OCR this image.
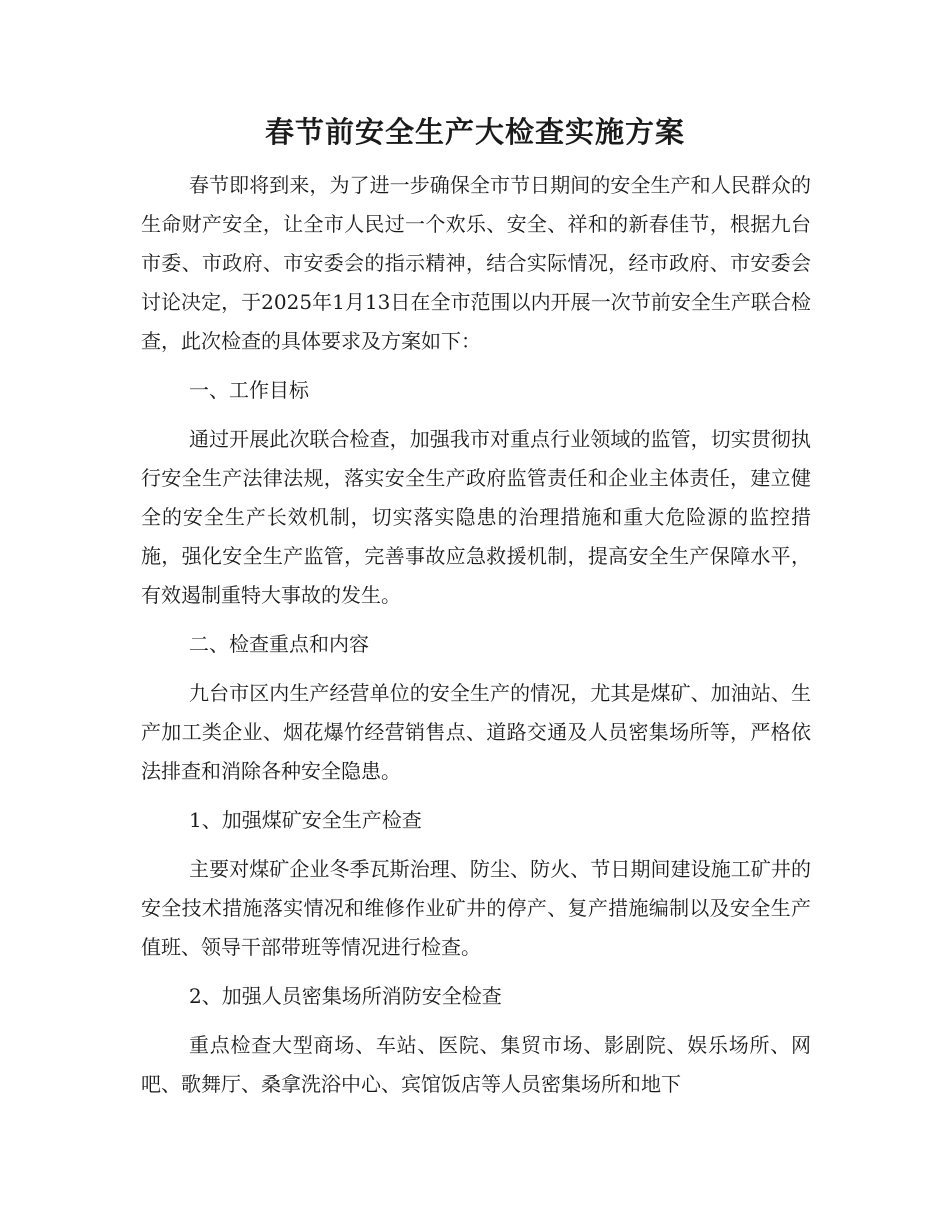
春节前安全生产大检查实施方案

春节即将到来，为了进一步确保全市节日期间的安全生产和人民群众的生命财产安全，让全市人民过一个欢乐、安全、祥和的新春佳节，根据九台市委、市政府、市安委会的指示精神，结合实际情况，经市政府、市安委会讨论决定，于2025年1月13日在全市范围以内开展一次节前安全生产联合检查，此次检查的具体要求及方案如下：

一、工作目标

通过开展此次联合检查，加强我市对重点行业领域的监管，切实贯彻执行安全生产法律法规，落实安全生产政府监管责任和企业主体责任，建立健全的安全生产长效机制，切实落实隐患的治理措施和重大危险源的监控措施，强化安全生产监管，完善事故应急救援机制，提高安全生产保障水平，有效遏制重特大事故的发生。

二、检查重点和内容

九台市区内生产经营单位的安全生产的情况，尤其是煤矿、加油站、生产加工类企业、烟花爆竹经营销售点、道路交通及人员密集场所等，严格依法排查和消除各种安全隐患。

1、加强煤矿安全生产检查

主要对煤矿企业冬季瓦斯治理、防尘、防火、节日期间建设施工矿井的安全技术措施落实情况和维修作业矿井的停产、复产措施编制以及安全生产值班、领导干部带班等情况进行检查。

2、加强人员密集场所消防安全检查

重点检查大型商场、车站、医院、集贸市场、影剧院、娱乐场所、网吧、歌舞厅、桑拿洗浴中心、宾馆饭店等人员密集场所和地下
